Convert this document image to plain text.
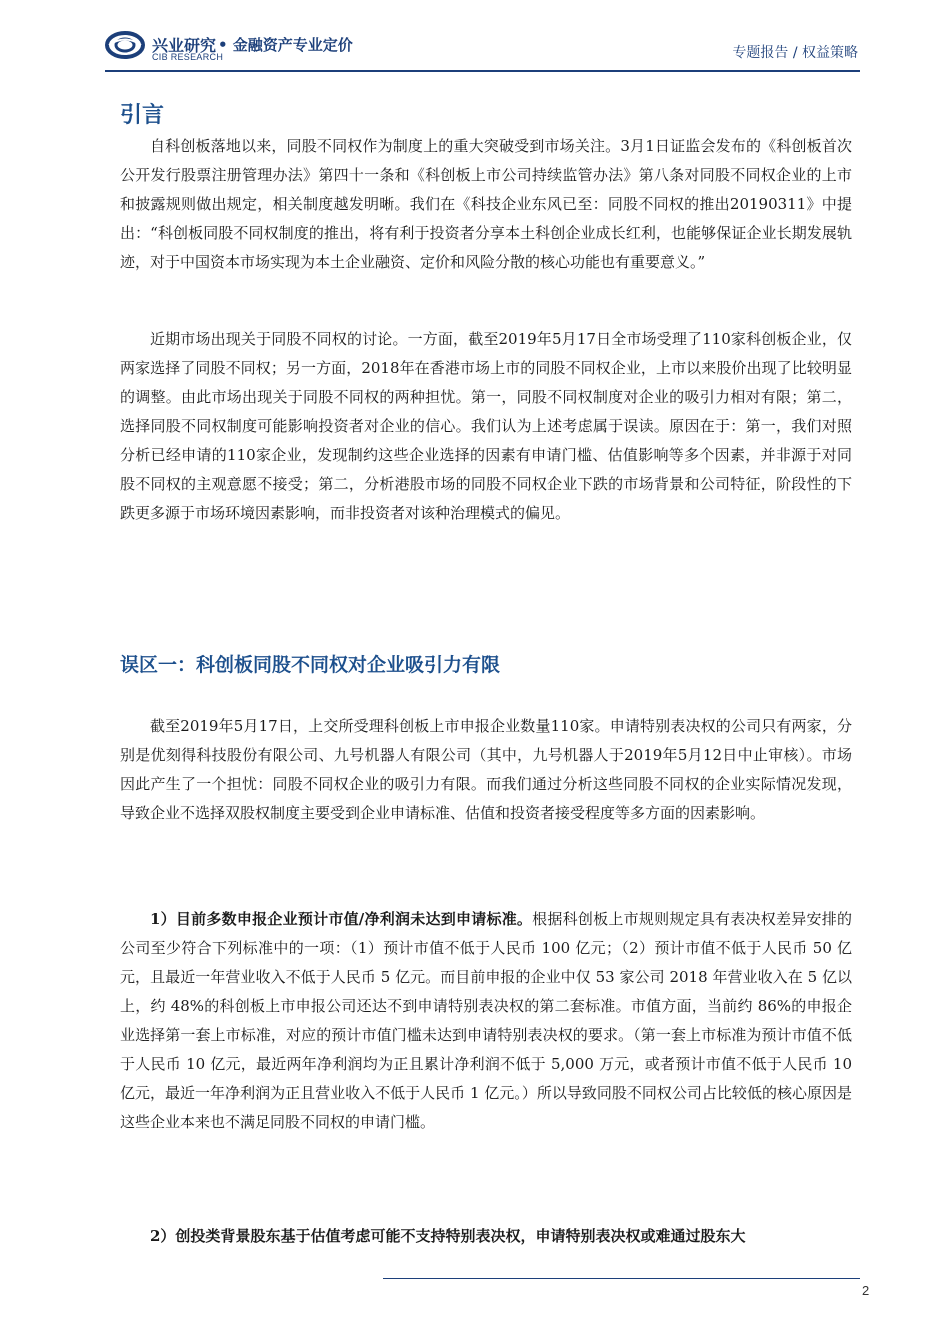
兴业研究
CIB RESEARCH
• 金融资产专业定价	专题报告 / 权益策略
引言

自科创板落地以来，同股不同权作为制度上的重大突破受到市场关注。3月1日证监会发布的《科创板首次公开发行股票注册管理办法》第四十一条和《科创板上市公司持续监管办法》第八条对同股不同权企业的上市和披露规则做出规定，相关制度越发明晰。我们在《科技企业东风已至：同股不同权的推出20190311》中提出：“科创板同股不同权制度的推出，将有利于投资者分享本土科创企业成长红利，也能够保证企业长期发展轨迹，对于中国资本市场实现为本土企业融资、定价和风险分散的核心功能也有重要意义。”

近期市场出现关于同股不同权的讨论。一方面，截至2019年5月17日全市场受理了110家科创板企业，仅两家选择了同股不同权；另一方面，2018年在香港市场上市的同股不同权企业，上市以来股价出现了比较明显的调整。由此市场出现关于同股不同权的两种担忧。第一，同股不同权制度对企业的吸引力相对有限；第二，选择同股不同权制度可能影响投资者对企业的信心。我们认为上述考虑属于误读。原因在于：第一，我们对照分析已经申请的110家企业，发现制约这些企业选择的因素有申请门槛、估值影响等多个因素，并非源于对同股不同权的主观意愿不接受；第二，分析港股市场的同股不同权企业下跌的市场背景和公司特征，阶段性的下跌更多源于市场环境因素影响，而非投资者对该种治理模式的偏见。

误区一：科创板同股不同权对企业吸引力有限

截至2019年5月17日，上交所受理科创板上市申报企业数量110家。申请特别表决权的公司只有两家，分别是优刻得科技股份有限公司、九号机器人有限公司（其中，九号机器人于2019年5月12日中止审核）。市场因此产生了一个担忧：同股不同权企业的吸引力有限。而我们通过分析这些同股不同权的企业实际情况发现，导致企业不选择双股权制度主要受到企业申请标准、估值和投资者接受程度等多方面的因素影响。

1）目前多数申报企业预计市值/净利润未达到申请标准。根据科创板上市规则规定具有表决权差异安排的公司至少符合下列标准中的一项：（1）预计市值不低于人民币 100 亿元；（2）预计市值不低于人民币 50 亿元，且最近一年营业收入不低于人民币 5 亿元。而目前申报的企业中仅 53 家公司 2018 年营业收入在 5 亿以上，约 48%的科创板上市申报公司还达不到申请特别表决权的第二套标准。市值方面，当前约 86%的申报企业选择第一套上市标准，对应的预计市值门槛未达到申请特别表决权的要求。（第一套上市标准为预计市值不低于人民币 10 亿元，最近两年净利润均为正且累计净利润不低于 5,000 万元，或者预计市值不低于人民币 10 亿元，最近一年净利润为正且营业收入不低于人民币 1 亿元。）所以导致同股不同权公司占比较低的核心原因是这些企业本来也不满足同股不同权的申请门槛。

2）创投类背景股东基于估值考虑可能不支持特别表决权，申请特别表决权或难通过股东大

2
